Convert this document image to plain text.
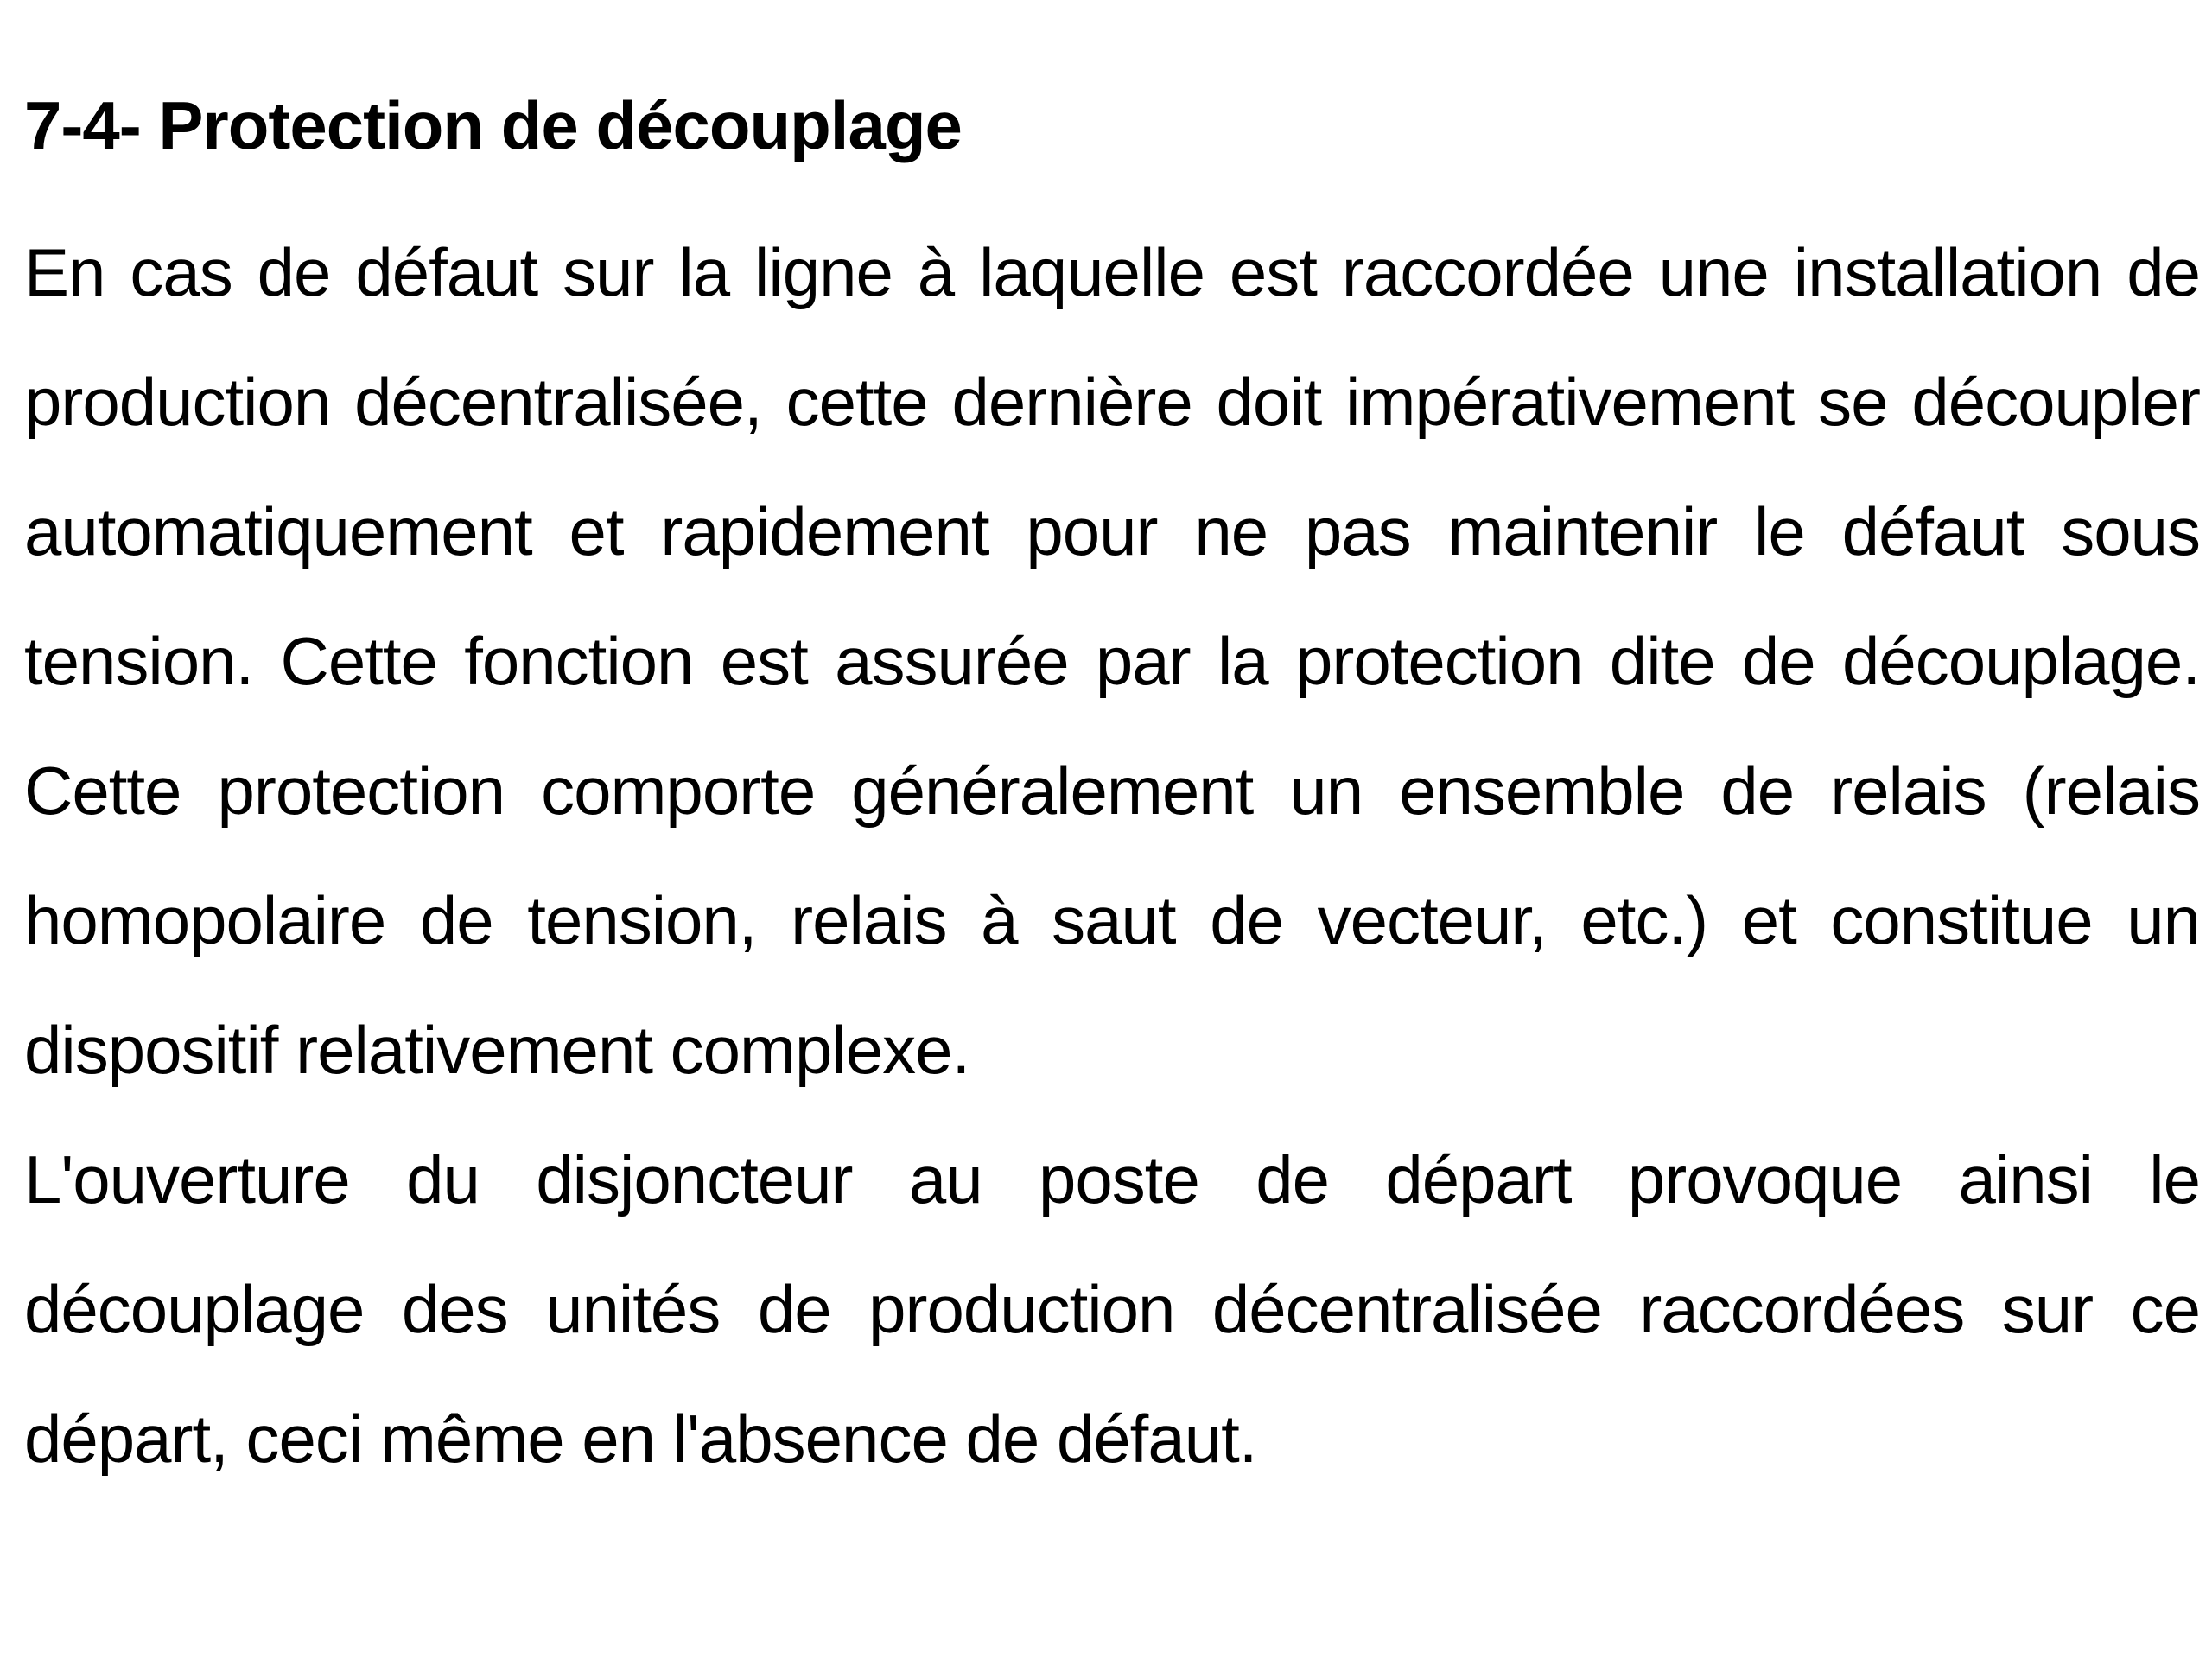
7-4- Protection de découplage

En cas de défaut sur la ligne à laquelle est raccordée une installation de production décentralisée, cette dernière doit impérativement se découpler automatiquement et rapidement pour ne pas maintenir le défaut sous tension. Cette fonction est assurée par la protection dite de découplage. Cette protection comporte généralement un ensemble de relais (relais homopolaire de tension, relais à saut de vecteur, etc.) et constitue un dispositif relativement complexe.

L'ouverture du disjoncteur au poste de départ provoque ainsi le découplage des unités de production décentralisée raccordées sur ce départ, ceci même en l'absence de défaut.
